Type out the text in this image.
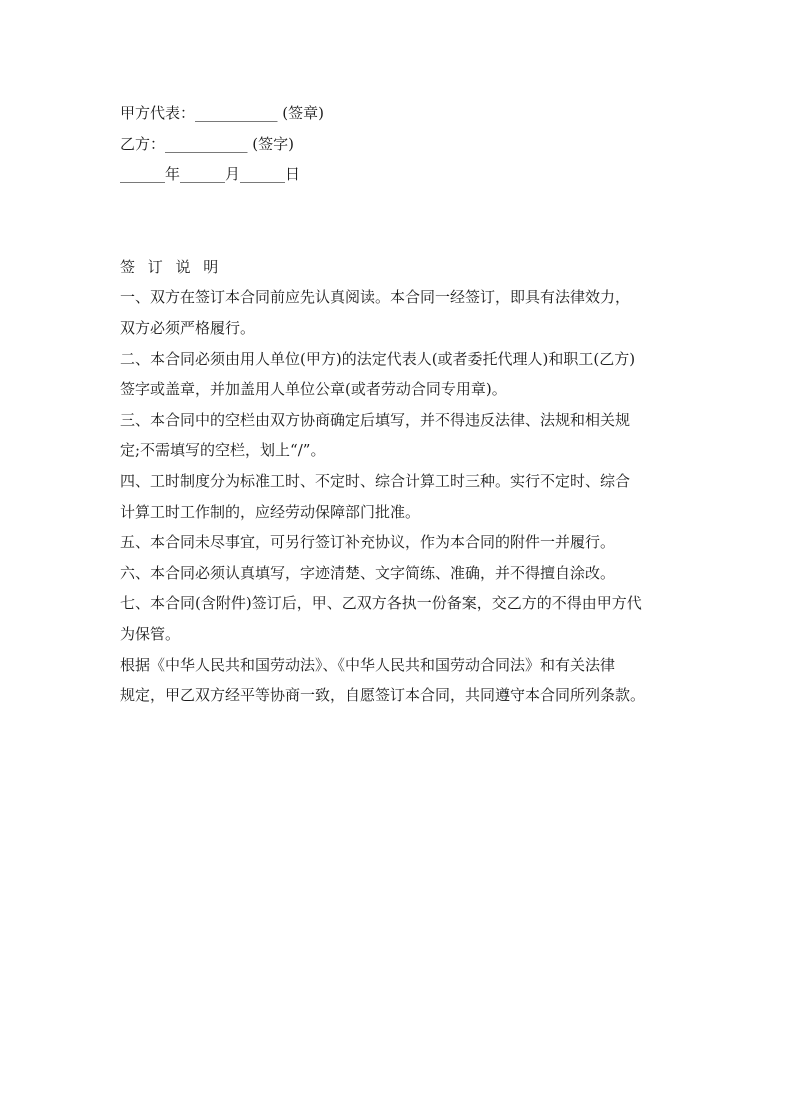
甲方代表：___________ (签章)

乙方：___________ (签字)

______年______月______日

签 订 说 明

一、双方在签订本合同前应先认真阅读。本合同一经签订，即具有法律效力，

双方必须严格履行。

二、本合同必须由用人单位(甲方)的法定代表人(或者委托代理人)和职工(乙方)

签字或盖章，并加盖用人单位公章(或者劳动合同专用章)。

三、本合同中的空栏由双方协商确定后填写，并不得违反法律、法规和相关规

定;不需填写的空栏，划上“/”。

四、工时制度分为标准工时、不定时、综合计算工时三种。实行不定时、综合

计算工时工作制的，应经劳动保障部门批准。

五、本合同未尽事宜，可另行签订补充协议，作为本合同的附件一并履行。

六、本合同必须认真填写，字迹清楚、文字简练、准确，并不得擅自涂改。

七、本合同(含附件)签订后，甲、乙双方各执一份备案，交乙方的不得由甲方代

为保管。

根据《中华人民共和国劳动法》、《中华人民共和国劳动合同法》和有关法律

规定，甲乙双方经平等协商一致，自愿签订本合同，共同遵守本合同所列条款。
